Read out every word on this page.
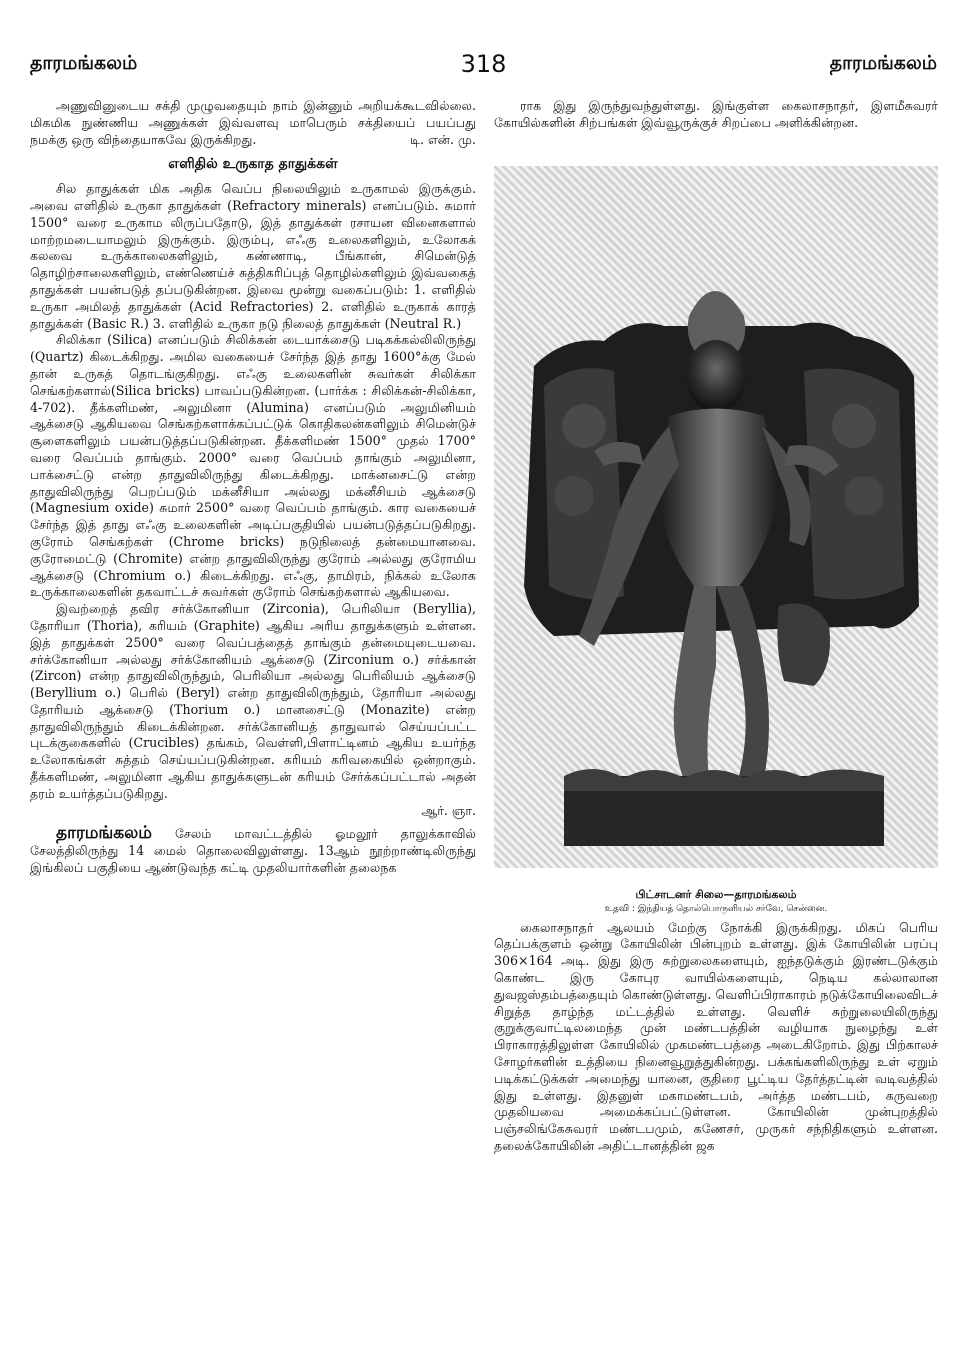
தாரமங்கலம்	318	தாரமங்கலம்

அணுவினுடைய சக்தி முழுவதையும் நாம் இன்னும் அறியக்கூடவில்லை. மிகமிக நுண்ணிய அணுக்கள் இவ்வளவு மாபெரும் சக்தியைப் பயப்பது நமக்கு ஒரு விந்தையாகவே இருக்கிறது.	டி. என். மு.

எளிதில் உருகாத தாதுக்கள்

சில தாதுக்கள் மிக அதிக வெப்ப நிலையிலும் உருகாமல் இருக்கும். அவை எளிதில் உருகா தாதுக்கள் (Refractory minerals) எனப்படும். சுமார் 1500° வரை உருகாம லிருப்பதோடு, இத் தாதுக்கள் ரசாயன வினைகளால் மாற்றமடையாமலும் இருக்கும். இரும்பு, எஃகு உலைகளிலும், உலோகக் கலவை உருக்காலைகளிலும், கண்ணாடி, பீங்கான், சிமென்டுத் தொழிற்சாலைகளிலும், எண்ணெய்ச் சுத்திகரிப்புத் தொழில்களிலும் இவ்வகைத் தாதுக்கள் பயன்படுத் தப்படுகின்றன. இவை மூன்று வகைப்படும்: 1. எளிதில் உருகா அமிலத் தாதுக்கள் (Acid Refractories) 2. எளிதில் உருகாக் காரத் தாதுக்கள் (Basic R.) 3. எளிதில் உருகா நடு நிலைத் தாதுக்கள் (Neutral R.)

சிலிக்கா (Silica) எனப்படும் சிலிக்கன் டையாக்சைடு படிகக்கல்லிலிருந்து (Quartz) கிடைக்கிறது. அமில வகையைச் சேர்ந்த இத் தாது 1600°க்கு மேல் தான் உருகத் தொடங்குகிறது. எஃகு உலைகளின் சுவர்கள் சிலிக்கா செங்கற்களால்(Silica bricks) பாவப்படுகின்றன. (பார்க்க : சிலிக்கன்-சிலிக்கா, 4-702). தீக்களிமண், அலுமினா (Alumina) எனப்படும் அலுமினியம் ஆக்சைடு ஆகியவை செங்கற்களாக்கப்பட்டுக் கொதிகலன்களிலும் சிமென்டுச் சூளைகளிலும் பயன்படுத்தப்படுகின்றன. தீக்களிமண் 1500° முதல் 1700° வரை வெப்பம் தாங்கும். 2000° வரை வெப்பம் தாங்கும் அலுமினா, பாக்சைட்டு என்ற தாதுவிலிருந்து கிடைக்கிறது. மாக்னசைட்டு என்ற தாதுவிலிருந்து பெறப்படும் மக்னீசியா அல்லது மக்னீசியம் ஆக்சைடு (Magnesium oxide) சுமார் 2500° வரை வெப்பம் தாங்கும். கார வகையைச் சேர்ந்த இத் தாது எஃகு உலைகளின் அடிப்பகுதியில் பயன்படுத்தப்படுகிறது. குரோம் செங்கற்கள் (Chrome bricks) நடுநிலைத் தன்மையானவை. குரோமைட்டு (Chromite) என்ற தாதுவிலிருந்து குரோம் அல்லது குரோமிய ஆக்சைடு (Chromium o.) கிடைக்கிறது. எஃகு, தாமிரம், நிக்கல் உலோக உருக்காலைகளின் தகவாட்டச் சுவர்கள் குரோம் செங்கற்களால் ஆகியவை.

இவற்றைத் தவிர சர்க்கோனியா (Zirconia), பெரிலியா (Beryllia), தோரியா (Thoria), கரியம் (Graphite) ஆகிய அரிய தாதுக்களும் உள்ளன. இத் தாதுக்கள் 2500° வரை வெப்பத்தைத் தாங்கும் தன்மையுடையவை. சர்க்கோனியா அல்லது சர்க்கோனியம் ஆக்சைடு (Zirconium o.) சர்க்கான் (Zircon) என்ற தாதுவிலிருந்தும், பெரிலியா அல்லது பெரிலியம் ஆக்சைடு (Beryllium o.) பெரில் (Beryl) என்ற தாதுவிலிருந்தும், தோரியா அல்லது தோரியம் ஆக்சைடு (Thorium o.) மானசைட்டு (Monazite) என்ற தாதுவிலிருந்தும் கிடைக்கின்றன. சர்க்கோனியத் தாதுவால் செய்யப்பட்ட புடக்குகைகளில் (Crucibles) தங்கம், வெள்ளி,பிளாட்டினம் ஆகிய உயர்ந்த உலோகங்கள் சுத்தம் செய்யப்படுகின்றன. கரியம் கரிவகையில் ஒன்றாகும். தீக்களிமண், அலுமினா ஆகிய தாதுக்களுடன் கரியம் சேர்க்கப்பட்டால் அதன் தரம் உயர்த்தப்படுகிறது.

ஆர். ஞா.

தாரமங்கலம் சேலம் மாவட்டத்தில் ஓமலூர் தாலுக்காவில் சேலத்திலிருந்து 14 மைல் தொலைவிலுள்ளது. 13ஆம் நூற்றாண்டிலிருந்து இங்கிலப் பகுதியை ஆண்டுவந்த கட்டி முதலியார்களின் தலைநக

ராக இது இருந்துவந்துள்ளது. இங்குள்ள கைலாசநாதர், இளமீசுவரர் கோயில்களின் சிற்பங்கள் இவ்வூருக்குச் சிறப்பை அளிக்கின்றன.

பிட்சாடனர் சிலை—தாரமங்கலம்
உதவி : இந்தியத் தொல்பொருளியல் சர்வே, சென்னை.

கைலாசநாதர் ஆலயம் மேற்கு நோக்கி இருக்கிறது. மிகப் பெரிய தெப்பக்குளம் ஒன்று கோயிலின் பின்புறம் உள்ளது. இக் கோயிலின் பரப்பு 306×164 அடி. இது இரு சுற்றுலைகளையும், ஐந்தடுக்கும் இரண்டடுக்கும் கொண்ட இரு கோபுர வாயில்களையும், நெடிய கல்லாலான துவஜஸ்தம்பத்தையும் கொண்டுள்ளது. வெளிப்பிராகாரம் நடுக்கோயிலைவிடச் சிறுத்த தாழ்ந்த மட்டத்தில் உள்ளது. வெளிச் சுற்றுலையிலிருந்து குறுக்குவாட்டிலமைந்த முன் மண்டபத்தின் வழியாக நுழைந்து உள் பிராகாரத்திலுள்ள கோயிலில் முகமண்டபத்தை அடைகிறோம். இது பிற்காலச் சோழர்களின் உத்தியை நினைவூறுத்துகின்றது. பக்கங்களிலிருந்து உள் ஏறும் படிக்கட்டுக்கள் அமைந்து யானை, குதிரை பூட்டிய தேர்த்தட்டின் வடிவத்தில் இது உள்ளது. இதனுள் மகாமண்டபம், அர்த்த மண்டபம், கருவறை முதலியவை அமைக்கப்பட்டுள்ளன. கோயிலின் முன்புறத்தில் பஞ்சலிங்கேசுவரர் மண்டபமும், கணேசர், முருகர் சந்நிதிகளும் உள்ளன. தலைக்கோயிலின் அதிட்டானத்தின் ஜக
